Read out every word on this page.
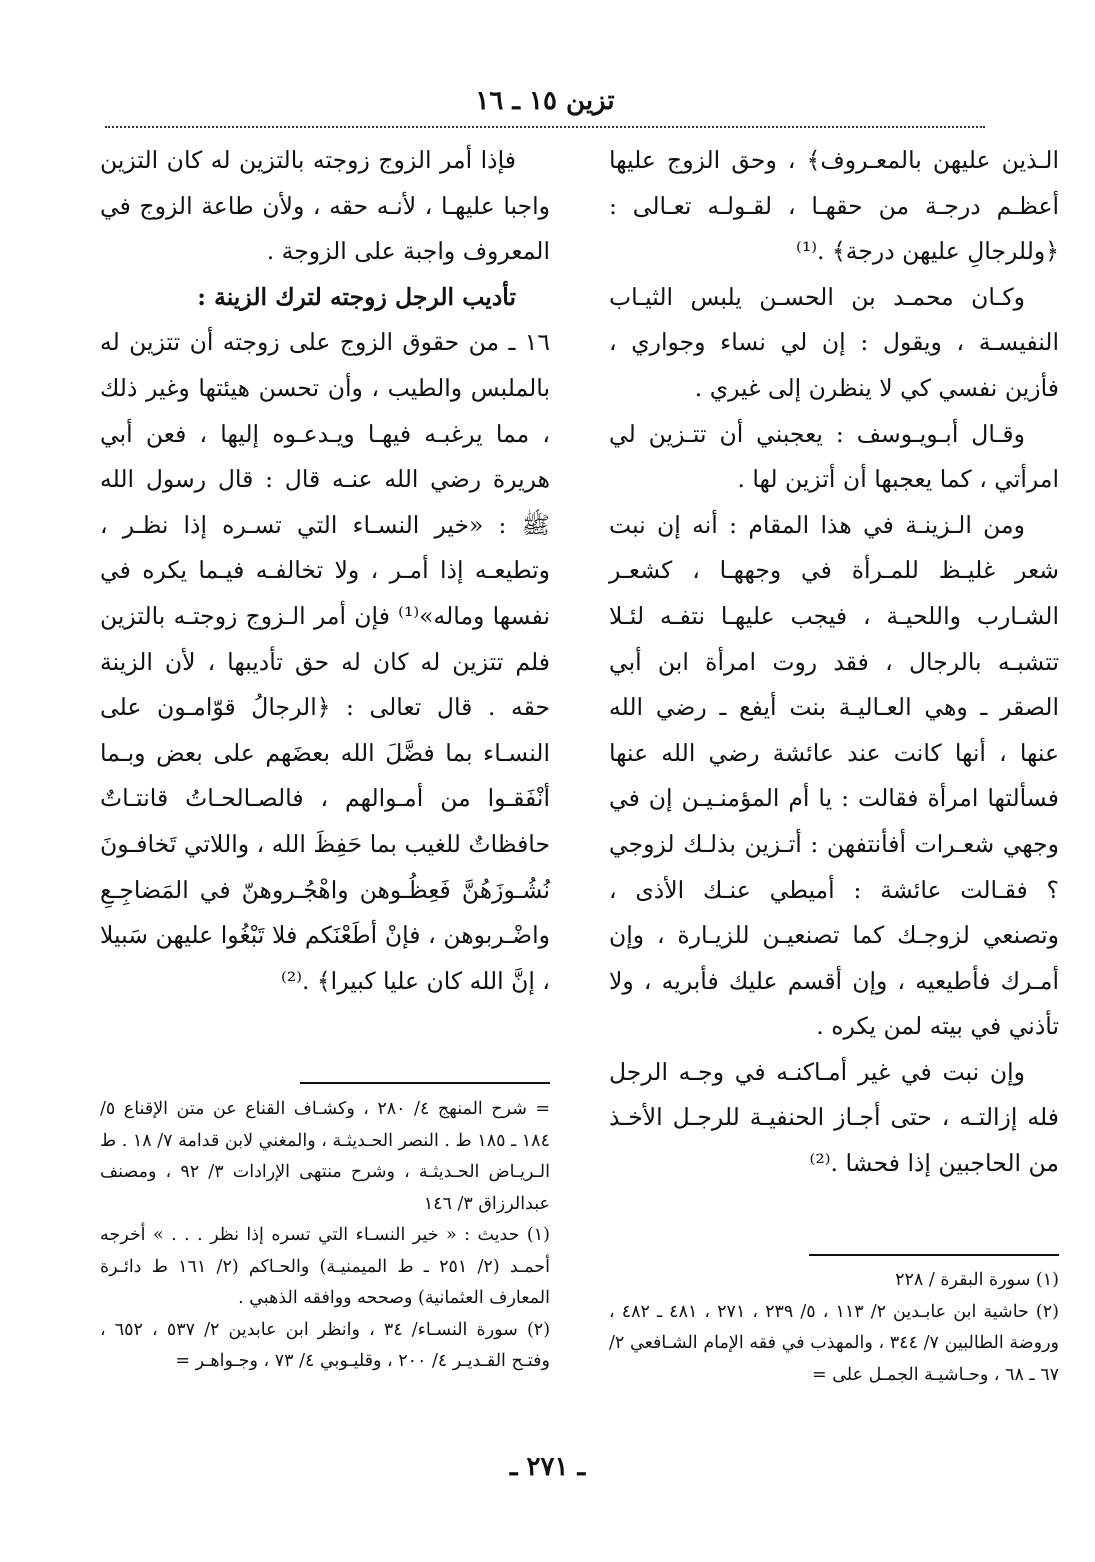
تزين ١٥ ـ ١٦

الـذين عليهن بالمعـروف﴾ ، وحق الزوج عليها أعظـم درجـة من حقهـا ، لقـولـه تعـالى : ﴿وللرجالِ عليهن درجة﴾ .⁽¹⁾

وكـان محمـد بن الحسـن يلبس الثيـاب النفيسـة ، ويقول : إن لي نساء وجواري ، فأزين نفسي كي لا ينظرن إلى غيري .

وقـال أبـويـوسف : يعجبني أن تتـزين لي امرأتي ، كما يعجبها أن أتزين لها .

ومن الـزينـة في هذا المقام : أنه إن نبت شعر غليـظ للمـرأة في وجههـا ، كشعـر الشـارب واللحيـة ، فيجب عليهـا نتفـه لئـلا تتشبـه بالرجال ، فقد روت امرأة ابن أبي الصقر ـ وهي العـاليـة بنت أيفع ـ رضي الله عنها ، أنها كانت عند عائشة رضي الله عنها فسألتها امرأة فقالت : يا أم المؤمنـيـن إن في وجهي شعـرات أفأنتفهن : أتـزين بذلـك لزوجي ؟ فقـالت عائشة : أميطي عنـك الأذى ، وتصنعي لزوجـك كما تصنعيـن للزيـارة ، وإن أمـرك فأطيعيه ، وإن أقسم عليك فأبريه ، ولا تأذني في بيته لمن يكره .

وإن نبت في غير أمـاكنـه في وجـه الرجل فله إزالتـه ، حتى أجـاز الحنفيـة للرجـل الأخـذ من الحاجبين إذا فحشا .⁽²⁾

فإذا أمر الزوج زوجته بالتزين له كان التزين واجبا عليهـا ، لأنـه حقه ، ولأن طاعة الزوج في المعروف واجبة على الزوجة .

تأديب الرجل زوجته لترك الزينة :

١٦ ـ من حقوق الزوج على زوجته أن تتزين له بالملبس والطيب ، وأن تحسن هيئتها وغير ذلك ، مما يرغبـه فيهـا ويـدعـوه إليها ، فعن أبي هريرة رضي الله عنـه قال : قال رسول الله ﷺ : «خير النسـاء التي تسـره إذا نظـر ، وتطيعـه إذا أمـر ، ولا تخالفـه فيـما يكره في نفسها وماله»⁽¹⁾ فإن أمر الـزوج زوجتـه بالتزين فلم تتزين له كان له حق تأديبها ، لأن الزينة حقه . قال تعالى : ﴿الرجالُ قوّامـون على النسـاء بما فضَّلَ الله بعضَهم على بعض وبـما أنْفَقـوا من أمـوالهم ، فالصـالحـاتُ قانتـاتٌ حافظاتٌ للغيب بما حَفِظَ الله ، واللاتي تَخافـونَ نُشُـوزَهُنَّ فَعِظُـوهن واهْجُـروهنّ في المَضاجِـعِ واضْـربوهن ، فإنْ أطَعْنَكم فلا تَبْغُوا عليهن سَبيلا ، إنَّ الله كان عليا كبيرا﴾ .⁽²⁾

(١) سورة البقرة / ٢٢٨

(٢) حاشية ابن عابـدين ٢/ ١١٣ ، ٥/ ٢٣٩ ، ٢٧١ ، ٤٨١ ـ ٤٨٢ ، وروضة الطالبين ٧/ ٣٤٤ ، والمهذب في فقه الإمام الشـافعي ٢/ ٦٧ ـ ٦٨ ، وحـاشيـة الجمـل على =

= شرح المنهج ٤/ ٢٨٠ ، وكشـاف القناع عن متن الإقناع ٥/ ١٨٤ ـ ١٨٥ ط . النصر الحـديثـة ، والمغني لابن قدامة ٧/ ١٨ . ط الـريـاض الحـديثـة ، وشرح منتهى الإرادات ٣/ ٩٢ ، ومصنف عبدالرزاق ٣/ ١٤٦

(١) حديث : « خير النسـاء التي تسره إذا نظر . . . » أخرجه أحمـد (٢/ ٢٥١ ـ ط الميمنيـة) والحـاكم (٢/ ١٦١ ط دائـرة المعارف العثمانية) وصححه ووافقه الذهبي .

(٢) سورة النسـاء/ ٣٤ ، وانظر ابن عابدين ٢/ ٥٣٧ ، ٦٥٢ ، وفتـح القـديـر ٤/ ٢٠٠ ، وقليـوبي ٤/ ٧٣ ، وجـواهـر =

ـ ٢٧١ ـ
